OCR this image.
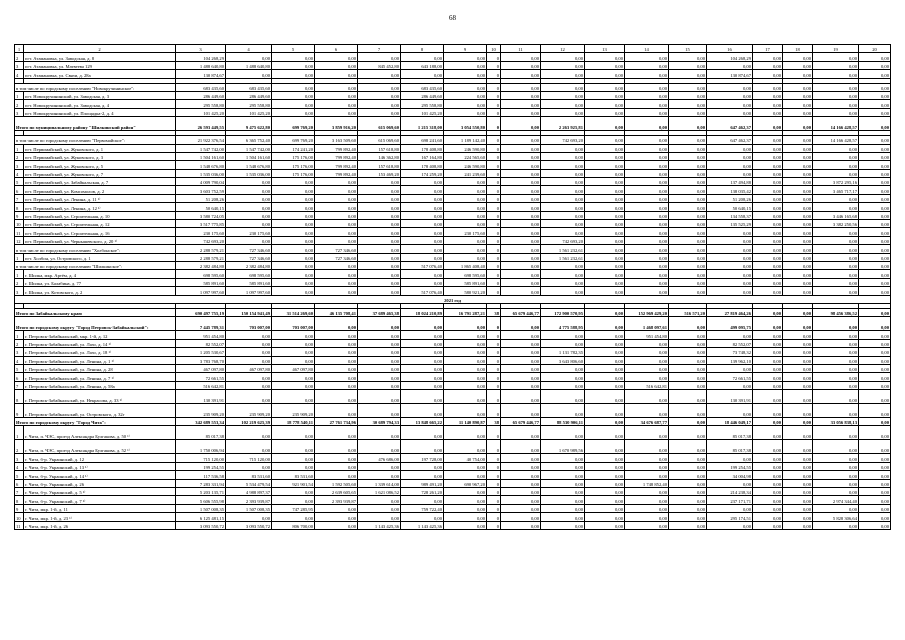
68
1	2	3	4	5	6	7	8	9	10	11	12	13	14	15	16	17	18	19	20
2	пгт. Атамановка, ул. Заводская, д. 8	104 268,29	0,00	0,00	0,00	0,00	0,00	0,00	0	0,00	0,00	0,00	0,00	0,00	104 268,29	0,00	0,00	0,00	0,00
3	пгт. Атамановка, ул. Матвеева 129	1 488 640,80	1 488 640,80	0,00	0,00	845 452,80	643 188,00	0,00	0	0,00	0,00	0,00	0,00	0,00	0,00	0,00	0,00	0,00	0,00
4	пгт. Атамановка, ул. Связи, д. 28а	130 874,67	0,00	0,00	0,00	0,00	0,00	0,00	0	0,00	0,00	0,00	0,00	0,00	130 874,67	0,00	0,00	0,00	0,00

в том числе по городскому поселению "Новокручининское":		683 435,60	683 435,60	0,00	0,00	0,00	683 435,60	0,00	0	0,00	0,00	0,00	0,00	0,00	0,00	0,00	0,00	0,00	0,00
1	пгт. Новокручининский, ул. Заводская, д. 3	286 449,60	286 449,60	0,00	0,00	0,00	286 449,60	0,00	0	0,00	0,00	0,00	0,00	0,00	0,00	0,00	0,00	0,00	0,00
2	пгт. Новокручининский, ул. Заводская, д. 4	295 558,80	295 558,80	0,00	0,00	0,00	295 558,80	0,00	0	0,00	0,00	0,00	0,00	0,00	0,00	0,00	0,00	0,00	0,00
3	пгт. Новокручининский, ул. Площадка-2, д. 4	101 425,20	101 425,20	0,00	0,00	0,00	101 425,20	0,00	0	0,00	0,00	0,00	0,00	0,00	0,00	0,00	0,00	0,00	0,00
Итого по муниципальному району "Шилкинский район"		26 593 449,55	9 475 622,80	699 769,20	3 859 916,20	615 069,60	1 215 318,00	3 054 550,80	0	0,00	2 263 925,81	0,00	0,00	0,00	647 462,37	0,00	0,00	14 166 428,57	0,00

в том числе по городскому поселению "Первомайское":		21 922 376,54	6 365 752,40	699 769,20	3 163 509,60	615 069,60	698 241,60	1 189 142,40	0	0,00	742 693,20	0,00	0,00	0,00	647 462,37	0,00	0,00	14 166 428,57	0,00
1	пгт. Первомайский, ул. Жуковского, д. 1	1 547 742,00	1 547 742,00	174 241,20	799 892,40	157 618,80	178 408,80	246 590,80	0	0,00	0,00	0,00	0,00	0,00	0,00	0,00	0,00	0,00	0,00
2	пгт. Первомайский, ул. Жуковского, д. 3	1 504 161,60	1 504 161,60	175 176,00	799 892,40	146 362,80	167 164,80	224 565,60	0	0,00	0,00	0,00	0,00	0,00	0,00	0,00	0,00	0,00	0,00
3	пгт. Первомайский, ул. Жуковского, д. 5	1 548 676,80	1 548 676,80	175 176,00	799 892,40	157 618,80	178 408,80	246 590,80	0	0,00	0,00	0,00	0,00	0,00	0,00	0,00	0,00	0,00	0,00
4	пгт. Первомайский, ул. Жуковского, д. 7	1 535 036,00	1 535 036,00	175 176,00	799 892,40	153 469,20	174 259,20	241 239,60	0	0,00	0,00	0,00	0,00	0,00	0,00	0,00	0,00	0,00	0,00
5	пгт. Первомайский, ул. Забайкальская, д. 7	4 009 790,04	0,00	0,00	0,00	0,00	0,00	0,00	0	0,00	0,00	0,00	0,00	0,00	137 494,88	0,00	0,00	3 872 295,16	0,00
6	пгт. Первомайский, ул. Комсомолов, д. 2	3 603 752,59	0,00	0,00	0,00	0,00	0,00	0,00	0	0,00	0,00	0,00	0,00	0,00	138 035,42	0,00	0,00	3 465 717,17	0,00
7	пгт. Первомайский, ул. Ленина, д. 11 ¹⁾	51 208,26	0,00	0,00	0,00	0,00	0,00	0,00	0	0,00	0,00	0,00	0,00	0,00	51 208,26	0,00	0,00	0,00	0,00
8	пгт. Первомайский, ул. Ленина, д. 12 ¹⁾	50 640,15	0,00	0,00	0,00	0,00	0,00	0,00	0	0,00	0,00	0,00	0,00	0,00	50 640,15	0,00	0,00	0,00	0,00
9	пгт. Первомайский, ул. Строительная, д. 10	3 580 724,05	0,00	0,00	0,00	0,00	0,00	0,00	0	0,00	0,00	0,00	0,00	0,00	134 558,37	0,00	0,00	3 446 165,68	0,00
10	пгт. Первомайский, ул. Строительная, д. 12	3 517 775,85	0,00	0,00	0,00	0,00	0,00	0,00	0	0,00	0,00	0,00	0,00	0,00	135 525,29	0,00	0,00	3 382 250,56	0,00
11	пгт. Первомайский, ул. Строительная, д. 16	230 175,60	230 175,60	0,00	0,00	0,00	0,00	230 175,60	0	0,00	0,00	0,00	0,00	0,00	0,00	0,00	0,00	0,00	0,00
12	пгт. Первомайский, ул. Чернышевского, д. 20 ¹⁾	742 693,20	0,00	0,00	0,00	0,00	0,00	0,00	0	0,00	742 693,20	0,00	0,00	0,00	0,00	0,00	0,00	0,00	0,00
в том числе по городскому поселению "Холбонское":		2 288 579,21	727 346,60	0,00	727 346,60	0,00	0,00	0,00	0	0,00	1 561 232,61	0,00	0,00	0,00	0,00	0,00	0,00	0,00	0,00
1	пгт. Холбон, ул. Островского, д. 1	2 288 579,21	727 346,60	0,00	727 346,60	0,00	0,00	0,00	0	0,00	1 561 232,61	0,00	0,00	0,00	0,00	0,00	0,00	0,00	0,00
в том числе по городскому поселению "Шилкинское":		2 382 484,80	2 382 484,80	0,00	0,00	0,00	517 076,40	1 865 408,40	0	0,00	0,00	0,00	0,00	0,00	0,00	0,00	0,00	0,00	0,00
1	г. Шилка, мкр. Артём, д. 4	698 595,60	698 595,60	0,00	0,00	0,00	0,00	698 595,60	0	0,00	0,00	0,00	0,00	0,00	0,00	0,00	0,00	0,00	0,00
2	г. Шилка, ул. Балабина, д. 77	585 891,60	585 891,60	0,00	0,00	0,00	0,00	585 891,60	0	0,00	0,00	0,00	0,00	0,00	0,00	0,00	0,00	0,00	0,00
3	г. Шилка, ул. Котовского, д. 2	1 097 997,60	1 097 997,60	0,00	0,00	0,00	517 076,40	580 921,20	0	0,00	0,00	0,00	0,00	0,00	0,00	0,00	0,00	0,00	0,00
2021 год																			

Итого по Забайкальскому краю		690 497 755,19	150 154 941,49	31 514 269,60	46 135 708,41	37 689 465,38	18 024 210,89	16 791 287,21	38	65 679 446,77	172 900 570,95	0,00	152 969 429,20	516 571,20	27 819 464,26	0,00	0,00	98 456 386,52	0,00
Итого по городскому округу "Город Петровск-Забайкальский":		7 445 789,31	703 007,00	703 007,00	0,00	0,00	0,00	0,00	0	0,00	4 775 588,95	0,00	1 468 097,61	0,00	499 095,75	0,00	0,00	0,00	0,00
1	г. Петровск-Забайкальский, мкр. 1-й, д. 12	951 454,80	0,00	0,00	0,00	0,00	0,00	0,00	0	0,00	0,00	0,00	951 454,80	0,00	0,00	0,00	0,00	0,00	0,00
2	г. Петровск-Забайкальский, ул. Лазо, д. 14 ¹⁾	82 552,07	0,00	0,00	0,00	0,00	0,00	0,00	0	0,00	0,00	0,00	0,00	0,00	82 552,07	0,00	0,00	0,00	0,00
3	г. Петровск-Забайкальский, ул. Лазо, д. 18 ¹⁾	1 205 530,67	0,00	0,00	0,00	0,00	0,00	0,00	0	0,00	1 131 782,35	0,00	0,00	0,00	73 748,32	0,00	0,00	0,00	0,00
4	г. Петровск-Забайкальский, ул. Ленина, д. 1 ¹⁾	3 783 768,70	0,00	0,00	0,00	0,00	0,00	0,00	0	0,00	3 643 806,60	0,00	0,00	0,00	139 962,10	0,00	0,00	0,00	0,00
5	г. Петровск-Забайкальский, ул. Ленина, д. 28	467 097,80	467 097,80	467 097,80	0,00	0,00	0,00	0,00	0	0,00	0,00	0,00	0,00	0,00	0,00	0,00	0,00	0,00	0,00
6	г. Петровск-Забайкальский, ул. Ленина, д. 7 ¹⁾	72 661,55	0,00	0,00	0,00	0,00	0,00	0,00	0	0,00	0,00	0,00	0,00	0,00	72 661,55	0,00	0,00	0,00	0,00
7	г. Петровск-Забайкальский, ул. Ленина, д. 58а	516 642,81	0,00	0,00	0,00	0,00	0,00	0,00	0	0,00	0,00	0,00	516 642,81	0,00	0,00	0,00	0,00	0,00	0,00
8	г. Петровск-Забайкальский, ул. Некрасова, д. 33 ¹⁾	130 391,91	0,00	0,00	0,00	0,00	0,00	0,00	0	0,00	0,00	0,00	0,00	0,00	130 391,91	0,00	0,00	0,00	0,00
9	г. Петровск-Забайкальский, ул. Островского, д. 32г	235 909,20	235 909,20	235 909,20	0,00	0,00	0,00	0,00	0	0,00	0,00	0,00	0,00	0,00	0,00	0,00	0,00	0,00	0,00
Итого по городскому округу "Город Чита":		342 689 553,34	102 219 625,39	18 778 540,11	27 761 734,96	30 689 794,33	13 848 665,22	11 140 890,87	38	65 679 446,77	88 530 906,11	0,00	34 676 687,77	0,00	18 446 049,17	0,00	0,00	33 056 838,13	0,00
1	г. Чита, п. ЧЭС, проезд Александра Булгакова, д. 50 ¹⁾	85 017,38	0,00	0,00	0,00	0,00	0,00	0,00	0	0,00	0,00	0,00	0,00	0,00	85 017,38	0,00	0,00	0,00	0,00
2	г. Чита, п. ЧЭС, проезд Александра Булгакова, д. 52 ¹⁾	1 750 006,94	0,00	0,00	0,00	0,00	0,00	0,00	0	0,00	1 670 989,56	0,00	0,00	0,00	85 017,38	0,00	0,00	0,00	0,00
3	г. Чита, б-р. Украинский, д. 12	715 120,00	715 120,00	0,00	0,00	476 686,00	197 728,00	40 754,00	0	0,00	0,00	0,00	0,00	0,00	0,00	0,00	0,00	0,00	0,00
4	г. Чита, б-р. Украинский, д. 13 ¹⁾	199 254,55	0,00	0,00	0,00	0,00	0,00	0,00	0	0,00	0,00	0,00	0,00	0,00	199 254,55	0,00	0,00	0,00	0,00
5	г. Чита, б-р. Украинский, д. 14 ¹⁾	117 536,58	83 531,60	83 531,60	0,00	0,00	0,00	0,00	0	0,00	0,00	0,00	0,00	0,00	34 004,98	0,00	0,00	0,00	0,00
6	г. Чита, б-р. Украинский, д. 26	7 283 331,94	5 534 479,54	921 901,54	1 592 505,60	1 339 614,00	989 491,20	690 967,20	0	0,00	0,00	0,00	1 748 852,40	0,00	0,00	0,00	0,00	0,00	0,00
7	г. Чита, б-р. Украинский, д. 5 ¹⁾	5 203 135,71	4 988 897,37	0,00	2 639 605,65	1 621 086,52	728 261,20	0,00	0	0,00	0,00	0,00	0,00	0,00	214 238,34	0,00	0,00	0,00	0,00
8	г. Чита, б-р. Украинский, д. 7 ¹⁾	5 606 555,98	2 393 939,87	0,00	2 393 939,87	0,00	0,00	0,00	0	0,00	0,00	0,00	0,00	0,00	237 171,71	0,00	0,00	2 974 344,40	0,00
9	г. Чита, мкр. 1-й, д. 11	1 507 008,35	1 507 008,35	747 285,95	0,00	0,00	759 722,40	0,00	0	0,00	0,00	0,00	0,00	0,00	0,00	0,00	0,00	0,00	0,00
10	г. Чита, мкр. 1-й, д. 23 ¹⁾	6 125 481,15	0,00	0,00	0,00	0,00	0,00	0,00	0	0,00	0,00	0,00	0,00	0,00	295 174,51	0,00	0,00	5 828 306,64	0,00
11	г. Чита, мкр. 1-й, д. 26	3 093 550,72	3 093 550,72	806 700,00	0,00	1 143 425,36	1 143 425,36	0,00	0	0,00	0,00	0,00	0,00	0,00	0,00	0,00	0,00	0,00	0,00
